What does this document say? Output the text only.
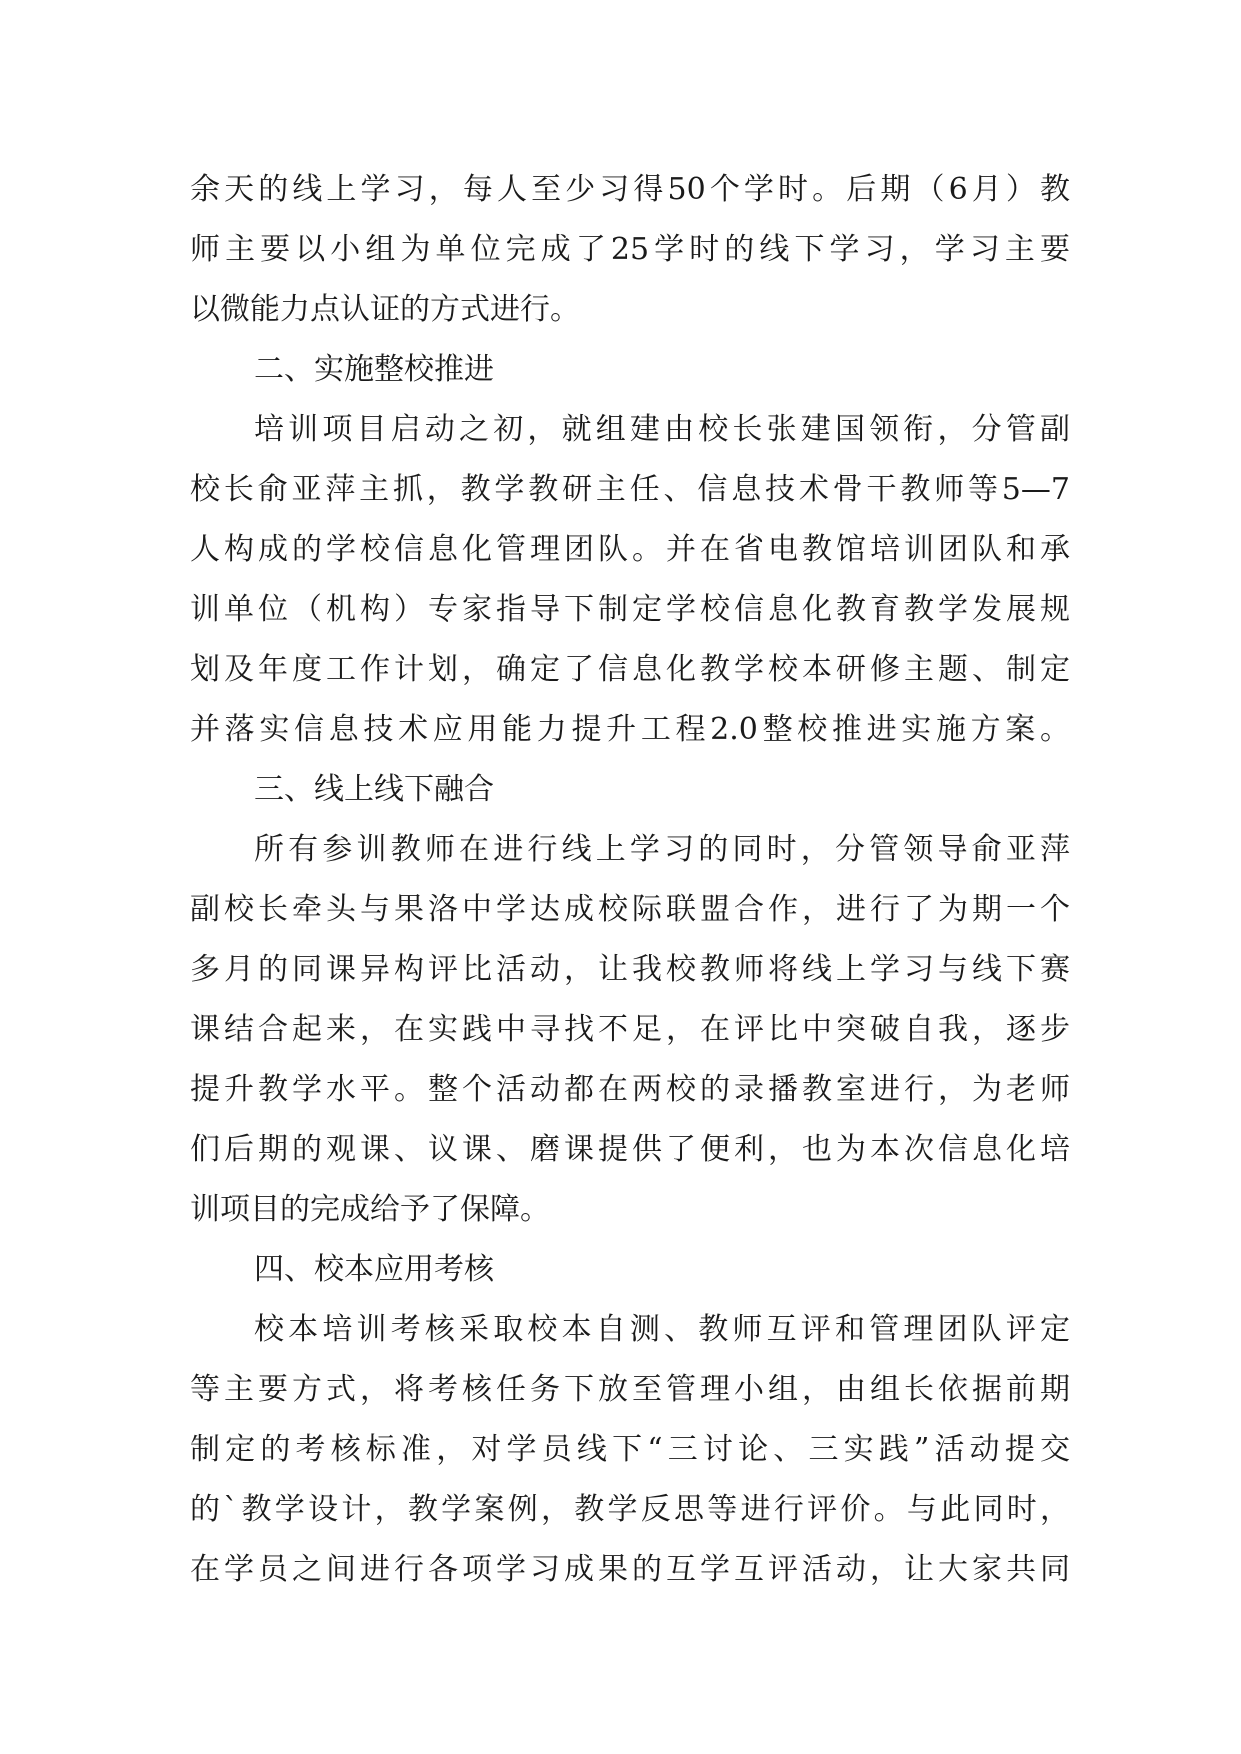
余天的线上学习，每人至少习得50个学时。后期（6月）教
师主要以小组为单位完成了25学时的线下学习，学习主要
以微能力点认证的方式进行。
二、实施整校推进
培训项目启动之初，就组建由校长张建国领衔，分管副
校长俞亚萍主抓，教学教研主任、信息技术骨干教师等5—7
人构成的学校信息化管理团队。并在省电教馆培训团队和承
训单位（机构）专家指导下制定学校信息化教育教学发展规
划及年度工作计划，确定了信息化教学校本研修主题、制定
并落实信息技术应用能力提升工程2.0整校推进实施方案。
三、线上线下融合
所有参训教师在进行线上学习的同时，分管领导俞亚萍
副校长牵头与果洛中学达成校际联盟合作，进行了为期一个
多月的同课异构评比活动，让我校教师将线上学习与线下赛
课结合起来，在实践中寻找不足，在评比中突破自我，逐步
提升教学水平。整个活动都在两校的录播教室进行，为老师
们后期的观课、议课、磨课提供了便利，也为本次信息化培
训项目的完成给予了保障。
四、校本应用考核
校本培训考核采取校本自测、教师互评和管理团队评定
等主要方式，将考核任务下放至管理小组，由组长依据前期
制定的考核标准，对学员线下“三讨论、三实践”活动提交
的`教学设计，教学案例，教学反思等进行评价。与此同时，
在学员之间进行各项学习成果的互学互评活动，让大家共同
